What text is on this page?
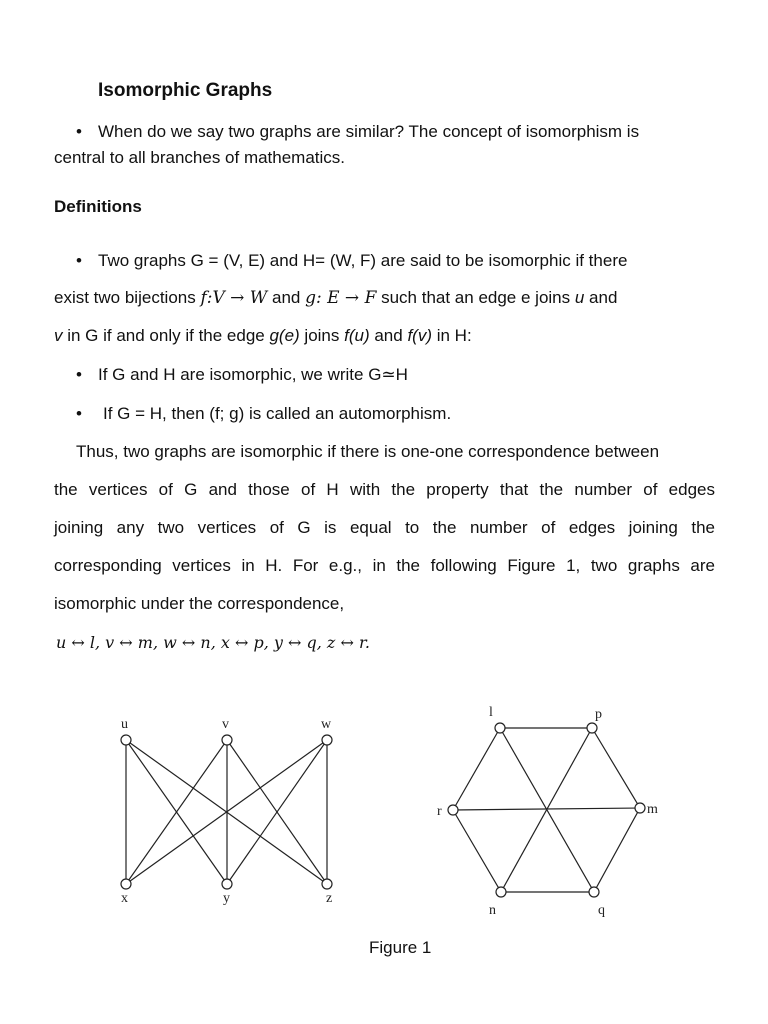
Isomorphic Graphs
• When do we say two graphs are similar? The concept of isomorphism is
central to all branches of mathematics.
Definitions
• Two graphs G = (V, E) and H= (W, F) are said to be isomorphic if there
exist two bijections f:V → W and g: E → F such that an edge e joins u and
v in G if and only if the edge g(e) joins f(u) and f(v) in H:
• If G and H are isomorphic, we write G≃H
• If G = H, then (f; g) is called an automorphism.
Thus, two graphs are isomorphic if there is one-one correspondence between
the vertices of G and those of H with the property that the number of edges
joining any two vertices of G is equal to the number of edges joining the
corresponding vertices in H. For e.g., in the following Figure 1, two graphs are
isomorphic under the correspondence,
u ↔ l, v ↔ m, w ↔ n, x ↔ p, y ↔ q, z ↔ r.
u	v	w
x	y	z
l	p
m
q
n
r
Figure 1
